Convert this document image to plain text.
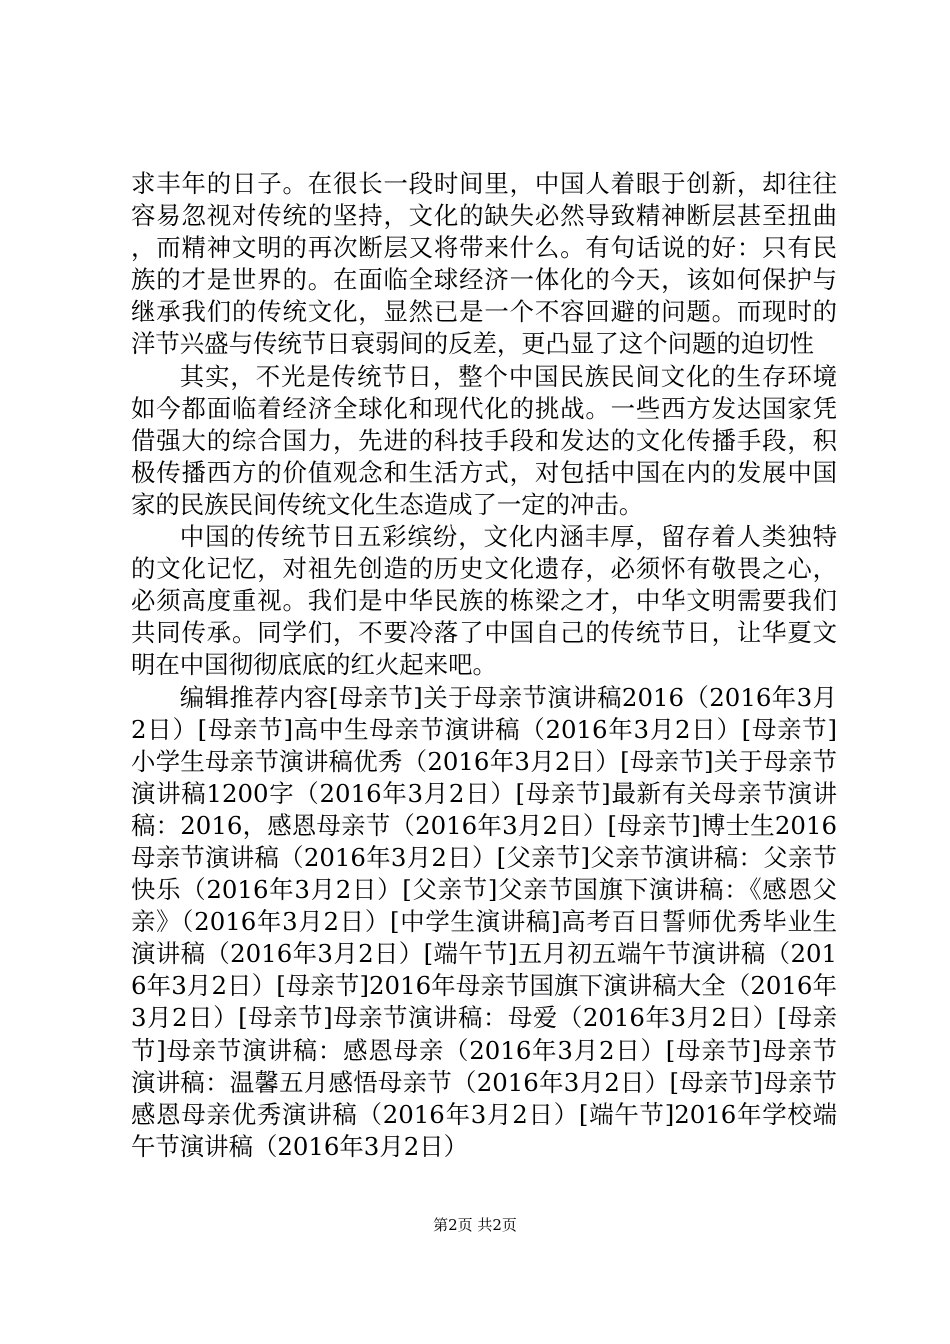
求丰年的日子。在很长一段时间里，中国人着眼于创新，却往往容易忽视对传统的坚持，文化的缺失必然导致精神断层甚至扭曲，而精神文明的再次断层又将带来什么。有句话说的好：只有民族的才是世界的。在面临全球经济一体化的今天，该如何保护与继承我们的传统文化，显然已是一个不容回避的问题。而现时的洋节兴盛与传统节日衰弱间的反差，更凸显了这个问题的迫切性

其实，不光是传统节日，整个中国民族民间文化的生存环境如今都面临着经济全球化和现代化的挑战。一些西方发达国家凭借强大的综合国力，先进的科技手段和发达的文化传播手段，积极传播西方的价值观念和生活方式，对包括中国在内的发展中国家的民族民间传统文化生态造成了一定的冲击。

中国的传统节日五彩缤纷，文化内涵丰厚，留存着人类独特的文化记忆，对祖先创造的历史文化遗存，必须怀有敬畏之心，必须高度重视。我们是中华民族的栋梁之才，中华文明需要我们共同传承。同学们，不要冷落了中国自己的传统节日，让华夏文明在中国彻彻底底的红火起来吧。

编辑推荐内容[母亲节]关于母亲节演讲稿2016（2016年3月2日）[母亲节]高中生母亲节演讲稿（2016年3月2日）[母亲节]小学生母亲节演讲稿优秀（2016年3月2日）[母亲节]关于母亲节演讲稿1200字（2016年3月2日）[母亲节]最新有关母亲节演讲稿：2016，感恩母亲节（2016年3月2日）[母亲节]博士生2016母亲节演讲稿（2016年3月2日）[父亲节]父亲节演讲稿：父亲节快乐（2016年3月2日）[父亲节]父亲节国旗下演讲稿：《感恩父亲》（2016年3月2日）[中学生演讲稿]高考百日誓师优秀毕业生演讲稿（2016年3月2日）[端午节]五月初五端午节演讲稿（2016年3月2日）[母亲节]2016年母亲节国旗下演讲稿大全（2016年3月2日）[母亲节]母亲节演讲稿：母爱（2016年3月2日）[母亲节]母亲节演讲稿：感恩母亲（2016年3月2日）[母亲节]母亲节演讲稿：温馨五月感悟母亲节（2016年3月2日）[母亲节]母亲节感恩母亲优秀演讲稿（2016年3月2日）[端午节]2016年学校端午节演讲稿（2016年3月2日）

第2页 共2页
